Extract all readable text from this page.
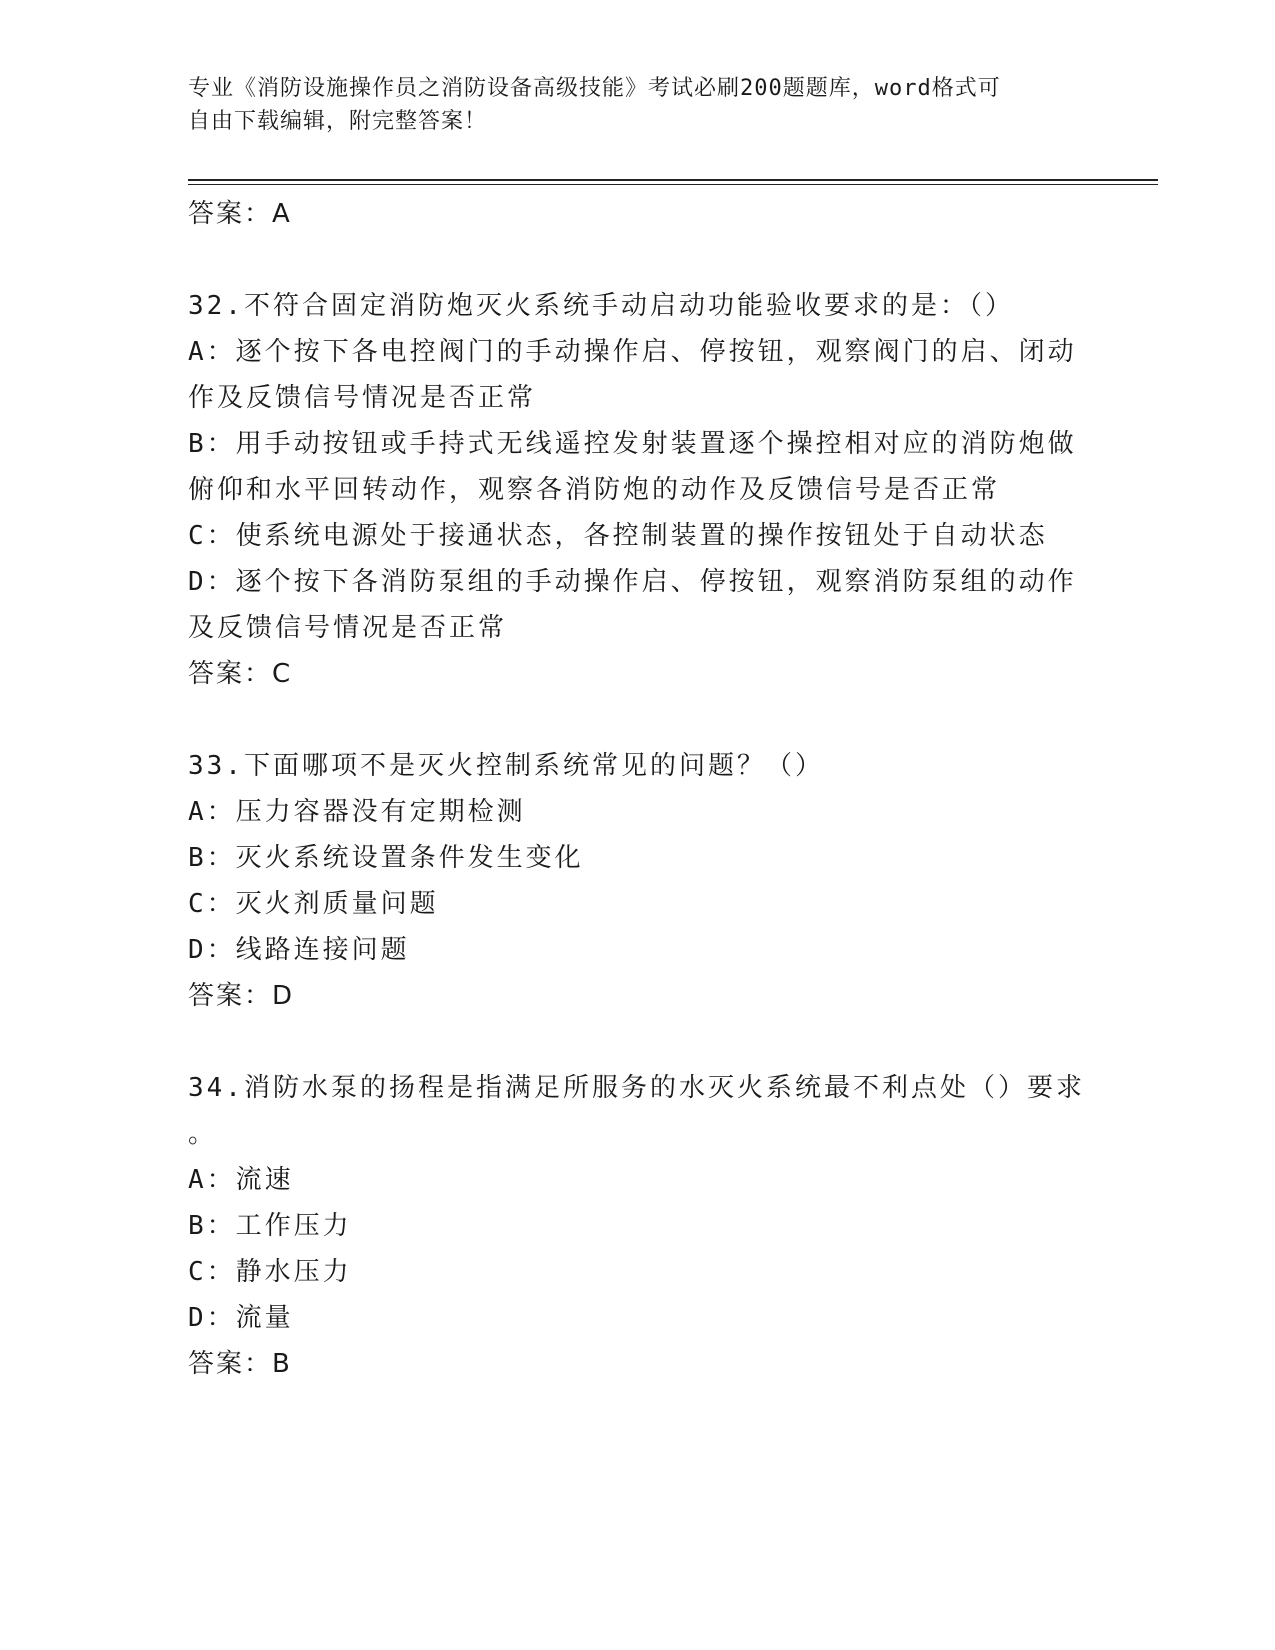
专业《消防设施操作员之消防设备高级技能》考试必刷200题题库，word格式可
自由下载编辑，附完整答案！
答案：A
32.不符合固定消防炮灭火系统手动启动功能验收要求的是：（）
A：逐个按下各电控阀门的手动操作启、停按钮，观察阀门的启、闭动
作及反馈信号情况是否正常
B：用手动按钮或手持式无线遥控发射装置逐个操控相对应的消防炮做
俯仰和水平回转动作，观察各消防炮的动作及反馈信号是否正常
C：使系统电源处于接通状态，各控制装置的操作按钮处于自动状态
D：逐个按下各消防泵组的手动操作启、停按钮，观察消防泵组的动作
及反馈信号情况是否正常
答案：C
33.下面哪项不是灭火控制系统常见的问题？（）
A：压力容器没有定期检测
B：灭火系统设置条件发生变化
C：灭火剂质量问题
D：线路连接问题
答案：D
34.消防水泵的扬程是指满足所服务的水灭火系统最不利点处（）要求
。
A：流速
B：工作压力
C：静水压力
D：流量
答案：B
